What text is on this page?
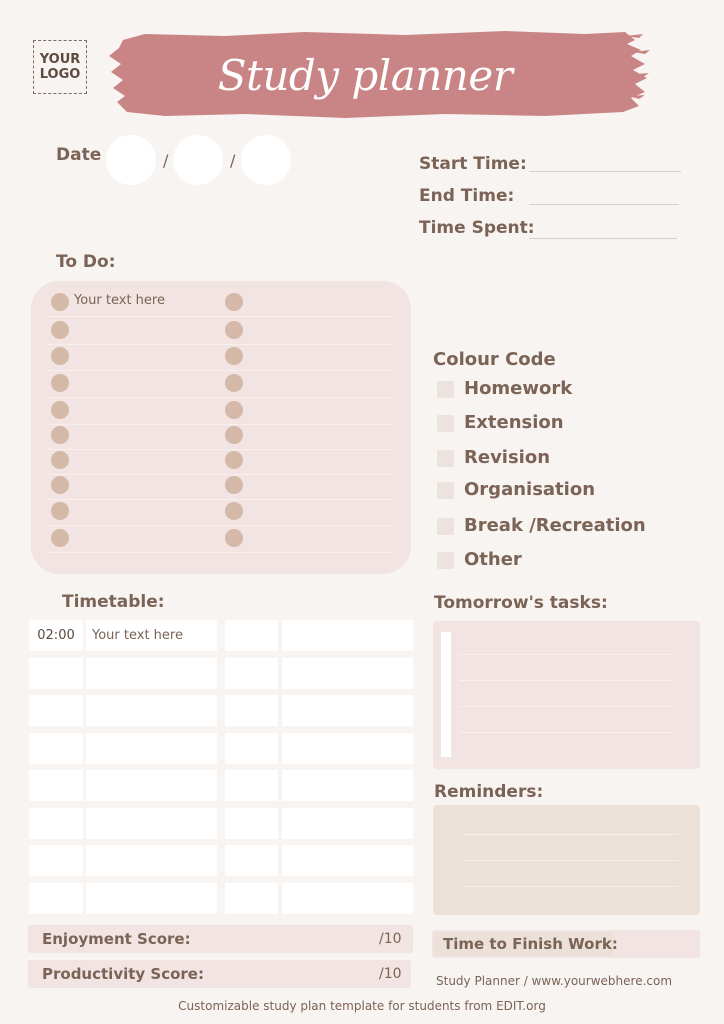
YOUR
LOGO	Study planner
Date	/	/	Start Time:
End Time:
Time Spent:
To Do:
Your text here
Colour Code
Homework
Extension
Revision
Organisation
Break /Recreation
Other
Timetable:
02:00	Your text here
Tomorrow's tasks:
Reminders:
Enjoyment Score:	/10
Productivity Score:	/10
Time to Finish Work:
Study Planner / www.yourwebhere.com
Customizable study plan template for students from EDIT.org
